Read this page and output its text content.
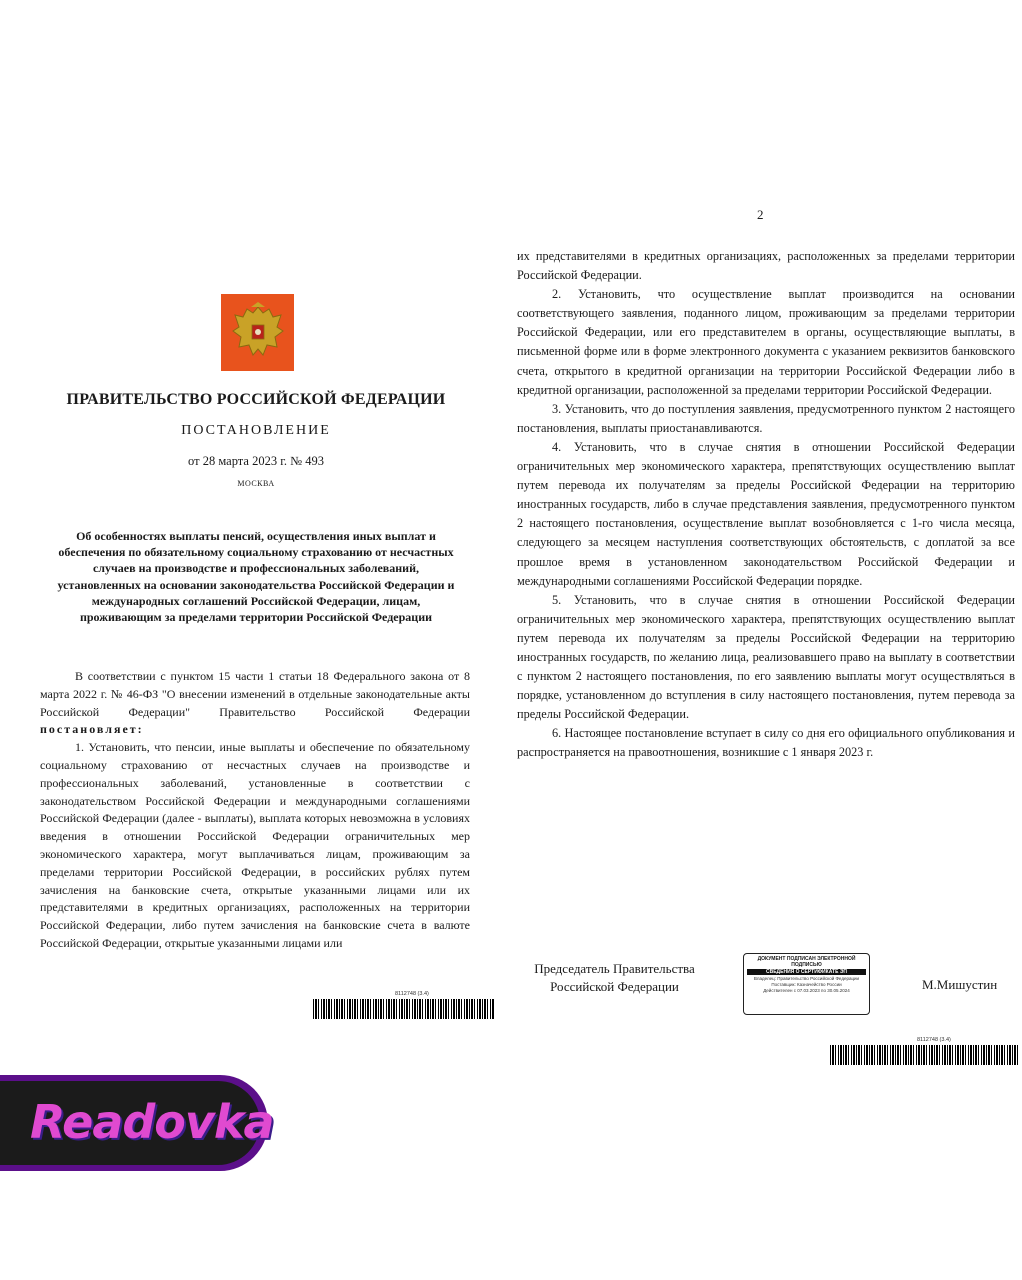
ПРАВИТЕЛЬСТВО РОССИЙСКОЙ ФЕДЕРАЦИИ
ПОСТАНОВЛЕНИЕ
от 28 марта 2023 г. № 493
МОСКВА
Об особенностях выплаты пенсий, осуществления иных выплат и обеспечения по обязательному социальному страхованию от несчастных случаев на производстве и профессиональных заболеваний, установленных на основании законодательства Российской Федерации и международных соглашений Российской Федерации, лицам, проживающим за пределами территории Российской Федерации

В соответствии с пунктом 15 части 1 статьи 18 Федерального закона от 8 марта 2022 г. № 46-ФЗ "О внесении изменений в отдельные законодательные акты Российской Федерации" Правительство Российской Федерации постановляет:

1. Установить, что пенсии, иные выплаты и обеспечение по обязательному социальному страхованию от несчастных случаев на производстве и профессиональных заболеваний, установленные в соответствии с законодательством Российской Федерации и международными соглашениями Российской Федерации (далее - выплаты), выплата которых невозможна в условиях введения в отношении Российской Федерации ограничительных мер экономического характера, могут выплачиваться лицам, проживающим за пределами территории Российской Федерации, в российских рублях путем зачисления на банковские счета, открытые указанными лицами или их представителями в кредитных организациях, расположенных на территории Российской Федерации, либо путем зачисления на банковские счета в валюте Российской Федерации, открытые указанными лицами или

8112748 (3.4)
2

их представителями в кредитных организациях, расположенных за пределами территории Российской Федерации.

2. Установить, что осуществление выплат производится на основании соответствующего заявления, поданного лицом, проживающим за пределами территории Российской Федерации, или его представителем в органы, осуществляющие выплаты, в письменной форме или в форме электронного документа с указанием реквизитов банковского счета, открытого в кредитной организации на территории Российской Федерации либо в кредитной организации, расположенной за пределами территории Российской Федерации.

3. Установить, что до поступления заявления, предусмотренного пунктом 2 настоящего постановления, выплаты приостанавливаются.

4. Установить, что в случае снятия в отношении Российской Федерации ограничительных мер экономического характера, препятствующих осуществлению выплат путем перевода их получателям за пределы Российской Федерации на территорию иностранных государств, либо в случае представления заявления, предусмотренного пунктом 2 настоящего постановления, осуществление выплат возобновляется с 1-го числа месяца, следующего за месяцем наступления соответствующих обстоятельств, с доплатой за все прошлое время в установленном законодательством Российской Федерации и международными соглашениями Российской Федерации порядке.

5. Установить, что в случае снятия в отношении Российской Федерации ограничительных мер экономического характера, препятствующих осуществлению выплат путем перевода их получателям за пределы Российской Федерации на территорию иностранных государств, по желанию лица, реализовавшего право на выплату в соответствии с пунктом 2 настоящего постановления, по его заявлению выплаты могут осуществляться в порядке, установленном до вступления в силу настоящего постановления, путем перевода за пределы Российской Федерации.

6. Настоящее постановление вступает в силу со дня его официального опубликования и распространяется на правоотношения, возникшие с 1 января 2023 г.

Председатель Правительства Российской Федерации
ДОКУМЕНТ ПОДПИСАН ЭЛЕКТРОННОЙ ПОДПИСЬЮ
СВЕДЕНИЯ О СЕРТИФИКАТЕ ЭП
Владелец: Правительство Российской Федерации
Поставщик: Казначейство России
Действителен с 07.03.2023 по 30.05.2024	М.Мишустин
8112748 (3.4)
Readovka
